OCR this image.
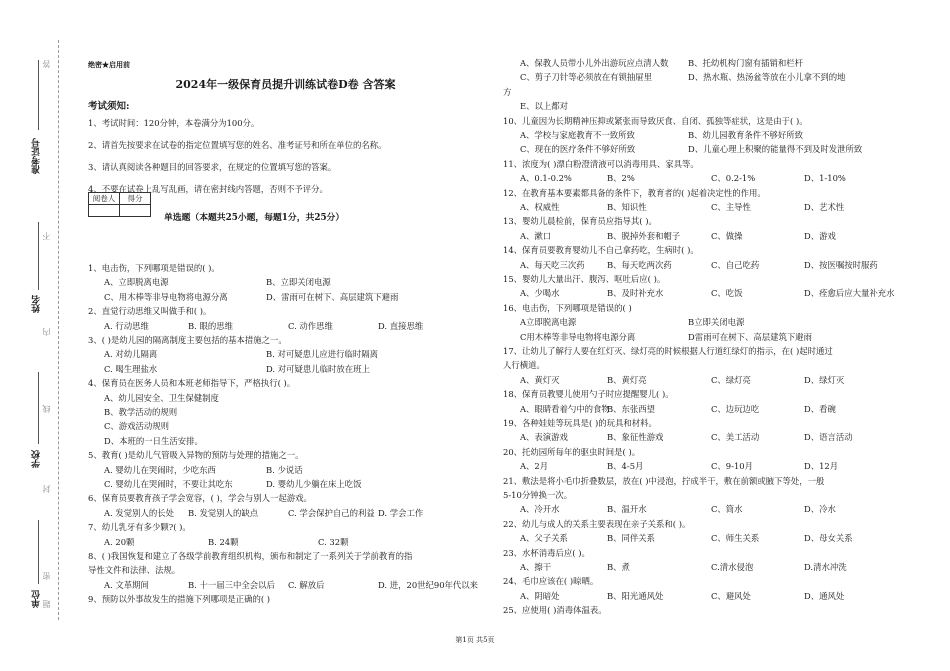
准考证号
姓名
学校
单位
答
不
内
线
封
密
题
绝密★启用前
2024年一级保育员提升训练试卷D卷 含答案
考试须知:
1、考试时间：120分钟，本卷满分为100分。
2、请首先按要求在试卷的指定位置填写您的姓名、准考证号和所在单位的名称。
3、请认真阅读各种题目的回答要求，在规定的位置填写您的答案。
4、不要在试卷上乱写乱画，请在密封线内答题，否则不予评分。
阅卷人	得分

单选题（本题共25小题，每题1分，共25分）
1、电击伤，下列哪项是错误的( )。
A、立即脱离电源	B、立即关闭电源
C、用木棒等非导电物将电源分离	D、雷雨可在树下、高层建筑下避雨
2、直觉行动思维又叫做手和( )。
A. 行动思维	B. 眼的思维	C. 动作思维	D. 直接思维
3、( )是幼儿园的隔离制度主要包括的基本措施之一。
A. 对幼儿隔离	B. 对可疑患儿应进行临时隔离
C. 喝生理盐水	D. 对可疑患儿临时放在班上
4、保育员在医务人员和本班老师指导下，严格执行( )。
A、幼儿园安全、卫生保健制度
B、教学活动的规则
C、游戏活动规则
D、本班的一日生活安排。
5、教育( )是幼儿气管吸入异物的预防与处理的措施之一。
A. 婴幼儿在哭闹时，少吃东西	B. 少说话
C. 婴幼儿在哭闹时，不要让其吃东	D. 婴幼儿少躺在床上吃饭
6、保育员要教育孩子学会宽容，( )，学会与别人一起游戏。
A. 发觉别人的长处 B. 发觉别人的缺点	C. 学会保护自己的利益 D. 学会工作
7、幼儿乳牙有多少颗?( )。
A. 20颗	B. 24颗	C. 32颗
8、( )我国恢复和建立了各级学前教育组织机构，颁布和制定了一系列关于学前教育的指
导性文件和法律、法规。
A. 文革期间	B. 十一届三中全会以后 C. 解放后	D. 进，20世纪90年代以来
9、预防以外事故发生的措施下列哪项是正确的( )
A、保教人员带小儿外出游玩应点清人数 B、托幼机构门窗有插销和栏杆
C、剪子刀针等必须放在有锁抽屉里	D、热水瓶、热汤盆等放在小儿拿不到的地
方
E、以上都对
10、儿童因为长期精神压抑或紧张而导致厌食、自闭、孤独等症状，这是由于( )。
A、学校与家庭教育不一致所致	B、幼儿园教育条件不够好所致
C、现在的医疗条件不够好所致	D、儿童心理上积聚的能量得不到及时发泄所致
11、浓度为( )漂白粉澄清液可以消毒用具、家具等。
A、0.1-0.2%	B、2%	C、0.2-1%	D、1-10%
12、在教育基本要素都具备的条件下，教育者的( )起着决定性的作用。
A、权威性	B、知识性	C、主导性	D、艺术性
13、婴幼儿晨检前，保育员应指导其( )。
A、漱口	B、脱掉外套和帽子	C、做操	D、游戏
14、保育员要教育婴幼儿不自己拿药吃，生病时( )。
A、每天吃三次药	B、每天吃两次药	C、自己吃药	D、按医嘱按时服药
15、婴幼儿大量出汗、腹泻、呕吐后应( )。
A、少喝水	B、及时补充水	C、吃饭	D、痊愈后应大量补充水
16、电击伤，下列哪项是错误的( )
A立即脱离电源	B立即关闭电源
C用木棒等非导电物将电源分离	D雷雨可在树下、高层建筑下避雨
17、让幼儿了解行人要在红灯灭、绿灯亮的时候根据人行道红绿灯的指示，在( )起时通过
人行横道。
A、黄灯灭	B、黄灯亮	C、绿灯亮	D、绿灯灭
18、保育员教婴儿使用勺子时应提醒婴儿( )。
A、眼睛看着勺中的食物
B、东张西望	C、边玩边吃	D、看碗
19、各种娃娃等玩具是( )的玩具和材料。
A、表演游戏	B、象征性游戏	C、美工活动	D、语言活动
20、托幼园所每年的驱虫时间是( )。
A、2月	B、4-5月	C、9-10月	D、12月
21、敷法是将小毛巾折叠数层，放在( )中浸泡，拧成半干，敷在前额或腋下等处，一般
5-10分钟换一次。
A、冷开水	B、温开水	C、筒水	D、冷水
22、幼儿与成人的关系主要表现在亲子关系和( )。
A、父子关系	B、同伴关系	C、师生关系	D、母女关系
23、水杯消毒后应( )。
A、擦干	B、煮	C.清水侵泡	D.清水冲洗
24、毛巾应该在( )晾晒。
A、阴暗处	B、阳光通风处	C、避风处	D、通风处
25、应使用( )消毒体温表。
第1页 共5页
